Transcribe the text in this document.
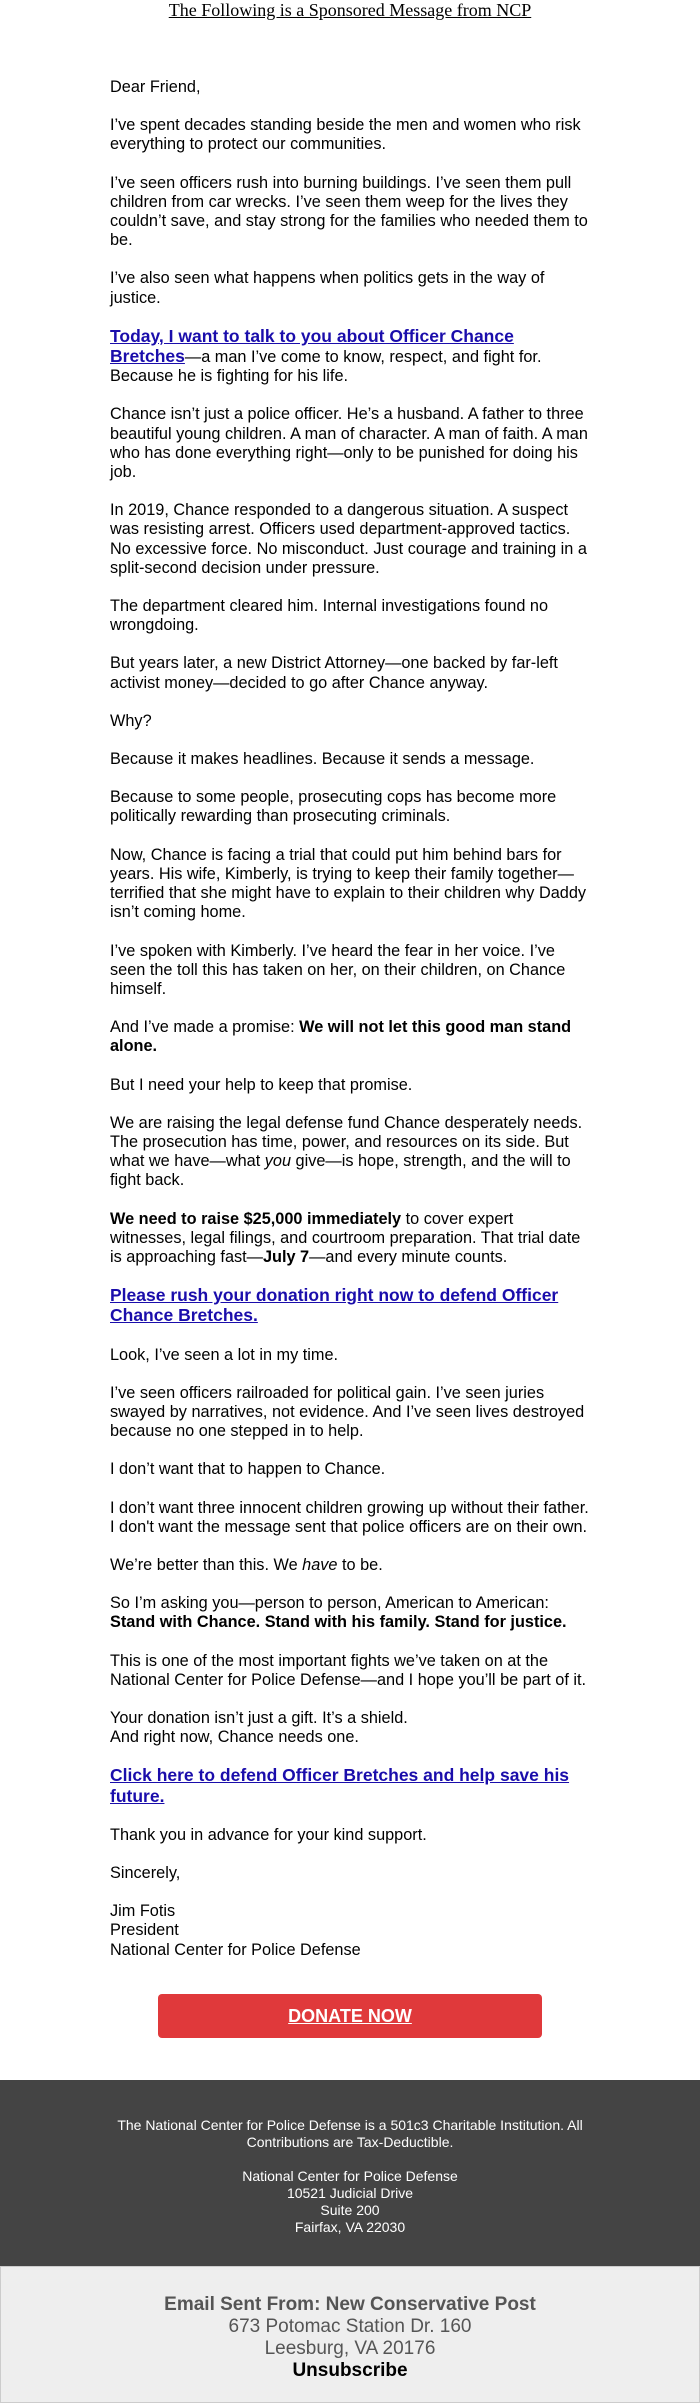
The Following is a Sponsored Message from NCP

Dear Friend,

I’ve spent decades standing beside the men and women who risk everything to protect our communities.

I’ve seen officers rush into burning buildings. I’ve seen them pull children from car wrecks. I’ve seen them weep for the lives they couldn’t save, and stay strong for the families who needed them to be.

I’ve also seen what happens when politics gets in the way of justice.

Today, I want to talk to you about Officer Chance Bretches—a man I’ve come to know, respect, and fight for. Because he is fighting for his life.

Chance isn’t just a police officer. He’s a husband. A father to three beautiful young children. A man of character. A man of faith. A man who has done everything right—only to be punished for doing his job.

In 2019, Chance responded to a dangerous situation. A suspect was resisting arrest. Officers used department-approved tactics. No excessive force. No misconduct. Just courage and training in a split-second decision under pressure.

The department cleared him. Internal investigations found no wrongdoing.

But years later, a new District Attorney—one backed by far-left activist money—decided to go after Chance anyway.

Why?

Because it makes headlines. Because it sends a message.

Because to some people, prosecuting cops has become more politically rewarding than prosecuting criminals.

Now, Chance is facing a trial that could put him behind bars for years. His wife, Kimberly, is trying to keep their family together—terrified that she might have to explain to their children why Daddy isn’t coming home.

I’ve spoken with Kimberly. I’ve heard the fear in her voice. I’ve seen the toll this has taken on her, on their children, on Chance himself.

And I’ve made a promise: We will not let this good man stand alone.

But I need your help to keep that promise.

We are raising the legal defense fund Chance desperately needs. The prosecution has time, power, and resources on its side. But what we have—what you give—is hope, strength, and the will to fight back.

We need to raise $25,000 immediately to cover expert witnesses, legal filings, and courtroom preparation. That trial date is approaching fast—July 7—and every minute counts.

Please rush your donation right now to defend Officer Chance Bretches.

Look, I’ve seen a lot in my time.

I’ve seen officers railroaded for political gain. I’ve seen juries swayed by narratives, not evidence. And I’ve seen lives destroyed because no one stepped in to help.

I don’t want that to happen to Chance.

I don’t want three innocent children growing up without their father. I don't want the message sent that police officers are on their own.

We’re better than this. We have to be.

So I’m asking you—person to person, American to American:
Stand with Chance. Stand with his family. Stand for justice.

This is one of the most important fights we’ve taken on at the National Center for Police Defense—and I hope you’ll be part of it.

Your donation isn’t just a gift. It’s a shield.
And right now, Chance needs one.

Click here to defend Officer Bretches and help save his future.

Thank you in advance for your kind support.

Sincerely,

Jim Fotis
President
National Center for Police Defense

DONATE NOW

The National Center for Police Defense is a 501c3 Charitable Institution. All Contributions are Tax-Deductible.

National Center for Police Defense
10521 Judicial Drive
Suite 200
Fairfax, VA 22030

Email Sent From: New Conservative Post
673 Potomac Station Dr. 160
Leesburg, VA 20176
Unsubscribe
